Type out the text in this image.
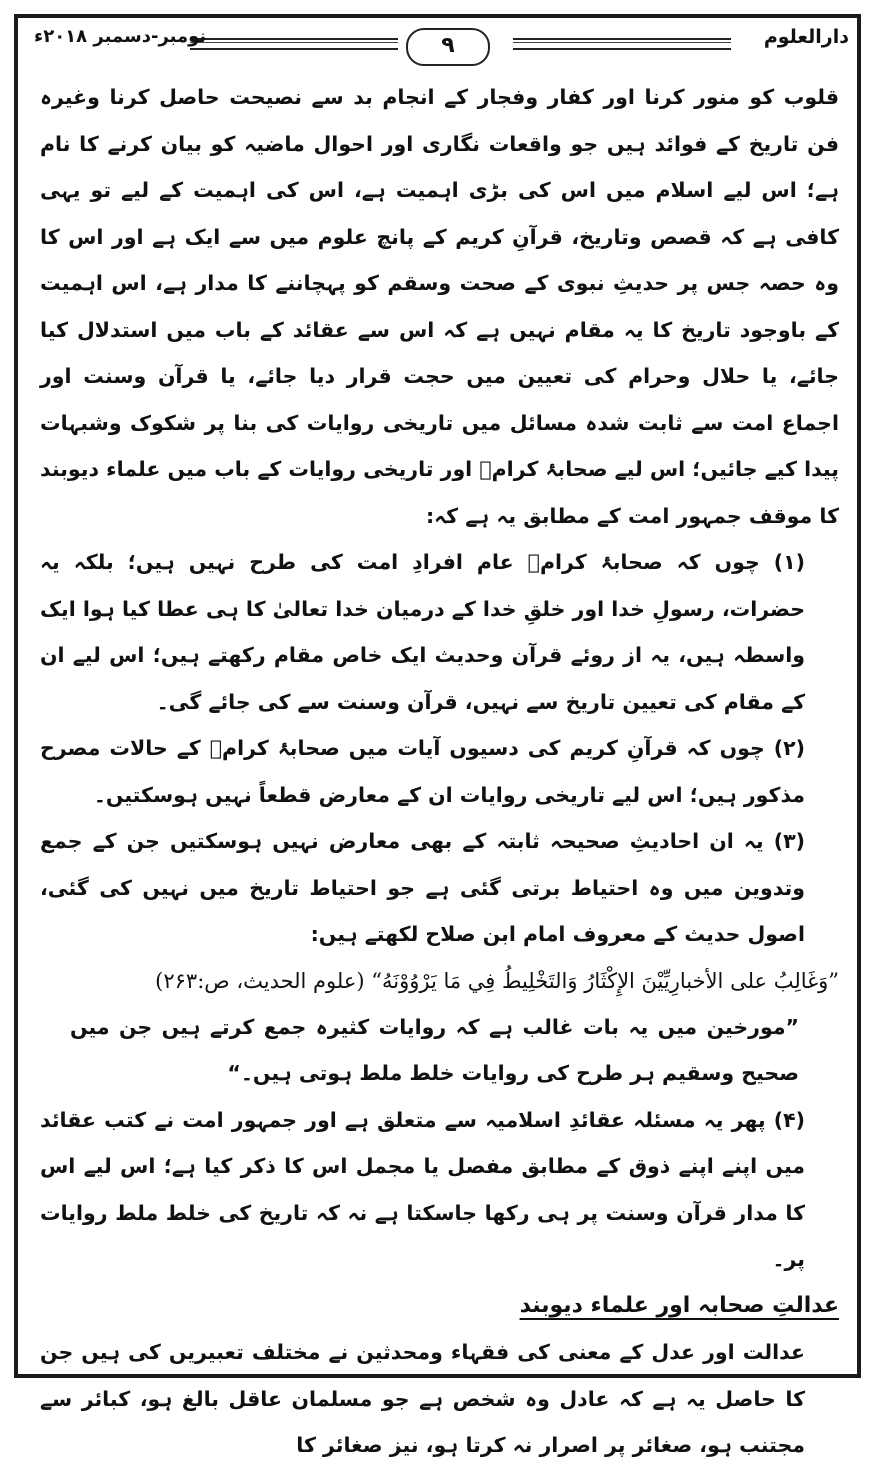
دارالعلوم
۹
نومبر-دسمبر ۲۰۱۸ء

قلوب کو منور کرنا اور کفار وفجار کے انجام بد سے نصیحت حاصل کرنا وغیرہ فن تاریخ کے فوائد ہیں جو واقعات نگاری اور احوال ماضیہ کو بیان کرنے کا نام ہے؛ اس لیے اسلام میں اس کی بڑی اہمیت ہے، اس کی اہمیت کے لیے تو یہی کافی ہے کہ قصص وتاریخ، قرآنِ کریم کے پانچ علوم میں سے ایک ہے اور اس کا وہ حصہ جس پر حدیثِ نبوی کے صحت وسقم کو پہچاننے کا مدار ہے، اس اہمیت کے باوجود تاریخ کا یہ مقام نہیں ہے کہ اس سے عقائد کے باب میں استدلال کیا جائے، یا حلال وحرام کی تعیین میں حجت قرار دیا جائے، یا قرآن وسنت اور اجماع امت سے ثابت شدہ مسائل میں تاریخی روایات کی بنا پر شکوک وشبہات پیدا کیے جائیں؛ اس لیے صحابۂ کرامؓ اور تاریخی روایات کے باب میں علماء دیوبند کا موقف جمہور امت کے مطابق یہ ہے کہ:

(۱) چوں کہ صحابۂ کرامؓ عام افرادِ امت کی طرح نہیں ہیں؛ بلکہ یہ حضرات، رسولِ خدا اور خلقِ خدا کے درمیان خدا تعالیٰ کا ہی عطا کیا ہوا ایک واسطہ ہیں، یہ از روئے قرآن وحدیث ایک خاص مقام رکھتے ہیں؛ اس لیے ان کے مقام کی تعیین تاریخ سے نہیں، قرآن وسنت سے کی جائے گی۔

(۲) چوں کہ قرآنِ کریم کی دسیوں آیات میں صحابۂ کرامؓ کے حالات مصرح مذکور ہیں؛ اس لیے تاریخی روایات ان کے معارض قطعاً نہیں ہوسکتیں۔

(۳) یہ ان احادیثِ صحیحہ ثابتہ کے بھی معارض نہیں ہوسکتیں جن کے جمع وتدوین میں وہ احتیاط برتی گئی ہے جو احتیاط تاریخ میں نہیں کی گئی، اصول حدیث کے معروف امام ابن صلاح لکھتے ہیں:

”وَغَالِبُ علی الأخبارِيِّيْنَ الإِكْثَارُ وَالتَخْلِيطُ فِي مَا يَرْوُوْنَهُ“ (علوم الحديث، ص:۲۶۳)

”مورخین میں یہ بات غالب ہے کہ روایات کثیرہ جمع کرتے ہیں جن میں صحیح وسقیم ہر طرح کی روایات خلط ملط ہوتی ہیں۔“

(۴) پھر یہ مسئلہ عقائدِ اسلامیہ سے متعلق ہے اور جمہور امت نے کتب عقائد میں اپنے اپنے ذوق کے مطابق مفصل یا مجمل اس کا ذکر کیا ہے؛ اس لیے اس کا مدار قرآن وسنت پر ہی رکھا جاسکتا ہے نہ کہ تاریخ کی خلط ملط روایات پر۔

عدالتِ صحابہ اور علماء دیوبند

عدالت اور عدل کے معنی کی فقہاء ومحدثین نے مختلف تعبیریں کی ہیں جن کا حاصل یہ ہے کہ عادل وہ شخص ہے جو مسلمان عاقل بالغ ہو، کبائر سے مجتنب ہو، صغائر پر اصرار نہ کرتا ہو، نیز صغائر کا
